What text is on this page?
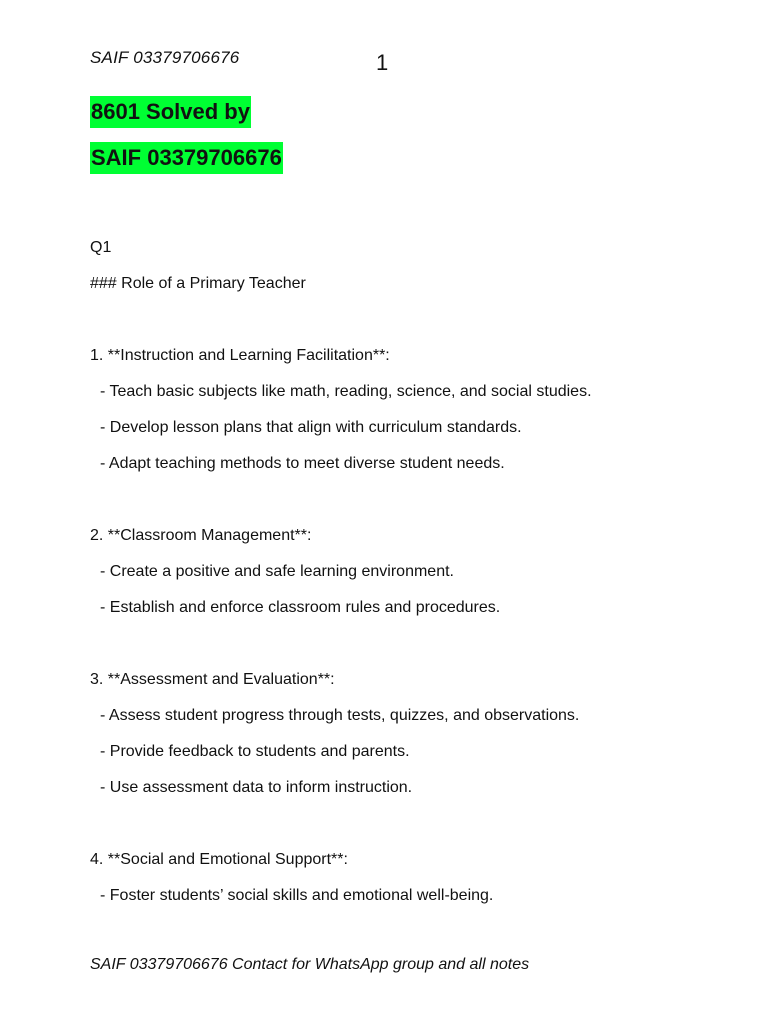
SAIF 03379706676	1
8601 Solved by
SAIF 03379706676
Q1
### Role of a Primary Teacher
1. **Instruction and Learning Facilitation**:
- Teach basic subjects like math, reading, science, and social studies.
- Develop lesson plans that align with curriculum standards.
- Adapt teaching methods to meet diverse student needs.
2. **Classroom Management**:
- Create a positive and safe learning environment.
- Establish and enforce classroom rules and procedures.
3. **Assessment and Evaluation**:
- Assess student progress through tests, quizzes, and observations.
- Provide feedback to students and parents.
- Use assessment data to inform instruction.
4. **Social and Emotional Support**:
- Foster students’ social skills and emotional well-being.
SAIF 03379706676 Contact for WhatsApp group and all notes
